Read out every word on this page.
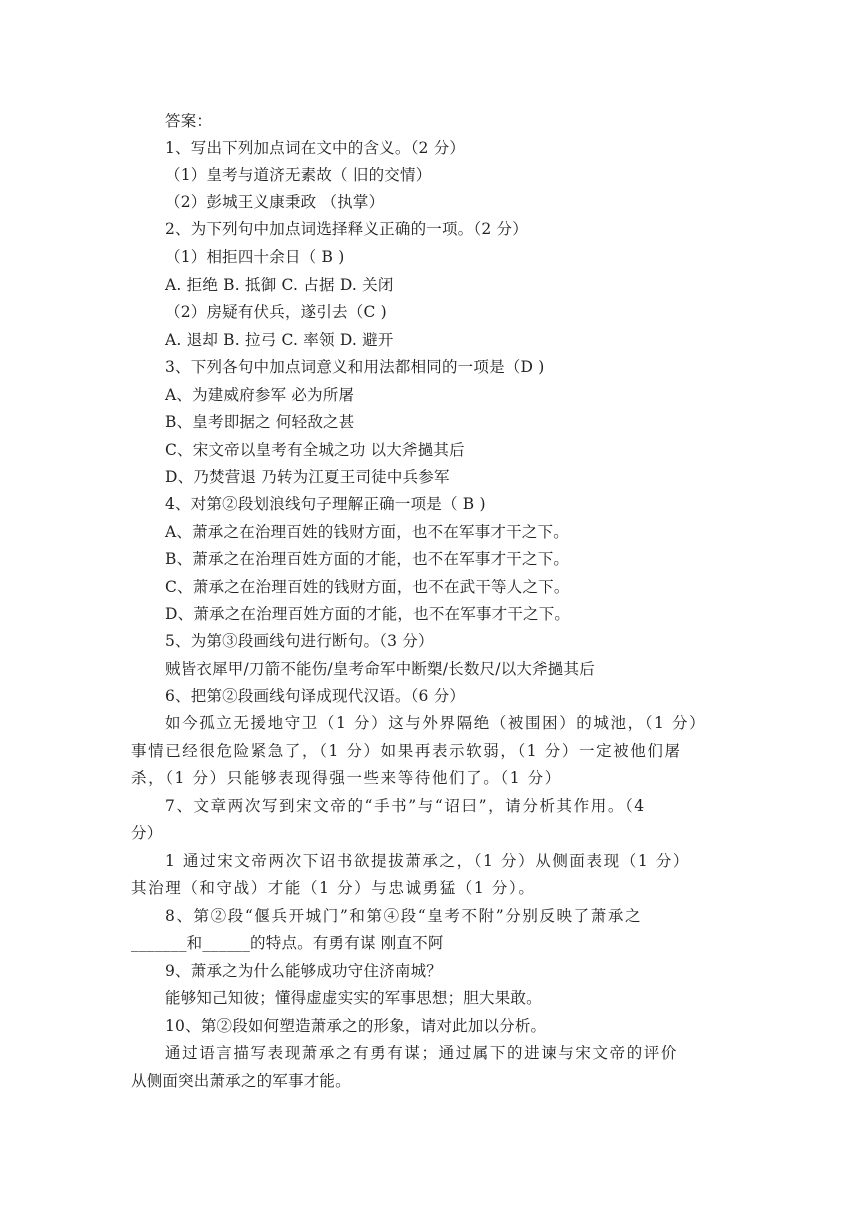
答案：
1、写出下列加点词在文中的含义。（2 分）
（1）皇考与道济无素故（ 旧的交情）
（2）彭城王义康秉政 （执掌）
2、为下列句中加点词选择释义正确的一项。（2 分）
（1）相拒四十余日（ B )
A. 拒绝 B. 抵御 C. 占据 D. 关闭
（2）房疑有伏兵，遂引去（C )
A. 退却 B. 拉弓 C. 率领 D. 避开
3、下列各句中加点词意义和用法都相同的一项是（D )
A、为建威府参军 必为所屠
B、皇考即据之 何轻敌之甚
C、宋文帝以皇考有全城之功 以大斧撾其后
D、乃焚营退 乃转为江夏王司徒中兵参军
4、对第②段划浪线句子理解正确一项是（ B )
A、萧承之在治理百姓的钱财方面，也不在军事才干之下。
B、萧承之在治理百姓方面的才能，也不在军事才干之下。
C、萧承之在治理百姓的钱财方面，也不在武干等人之下。
D、萧承之在治理百姓方面的才能，也不在军事才干之下。
5、为第③段画线句进行断句。（3 分）
贼皆衣犀甲/刀箭不能伤/皇考命军中断槊/长数尺/以大斧撾其后
6、把第②段画线句译成现代汉语。（6 分）
如今孤立无援地守卫（1 分）这与外界隔绝（被围困）的城池，（1 分）
事情已经很危险紧急了，（1 分）如果再表示软弱，（1 分）一定被他们屠
杀，（1 分）只能够表现得强一些来等待他们了。（1 分）
7、文章两次写到宋文帝的“手书”与“诏曰”，请分析其作用。（4
分）
1 通过宋文帝两次下诏书欲提拔萧承之，（1 分）从侧面表现（1 分）
其治理（和守战）才能（1 分）与忠诚勇猛（1 分）。
8、第②段“偃兵开城门”和第④段“皇考不附”分别反映了萧承之
_______和______的特点。有勇有谋 刚直不阿
9、萧承之为什么能够成功守住济南城？
能够知己知彼；懂得虚虚实实的军事思想；胆大果敢。
10、第②段如何塑造萧承之的形象，请对此加以分析。
通过语言描写表现萧承之有勇有谋；通过属下的进谏与宋文帝的评价
从侧面突出萧承之的军事才能。
